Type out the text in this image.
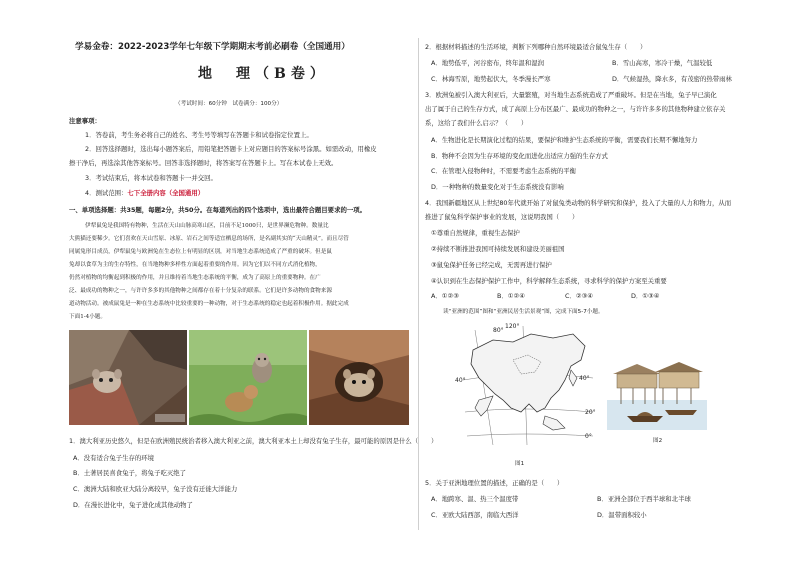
学易金卷：2022-2023学年七年级下学期期末考前必刷卷（全国通用）
地　理（B卷）
（考试时间：60分钟　试卷满分：100分）
注意事项：
1．答卷前，考生务必将自己的姓名、考生号等填写在答题卡和试卷指定位置上。
2．回答选择题时，选出每小题答案后，用铅笔把答题卡上对应题目的答案标号涂黑。如需改动，用橡皮
擦干净后，再选涂其他答案标号。回答非选择题时，将答案写在答题卡上。写在本试卷上无效。
3．考试结束后，将本试卷和答题卡一并交回。
4．测试范围：七下全册内容（全国通用）
一、单项选择题：共35题，每题2分，共50分。在每道列出的四个选项中，选出最符合题目要求的一项。
伊犁鼠兔是我国特有物种，生活在天山山脉高寒山区，目前不足1000只，是世界濒危物种。数量比
大熊猫还要稀少。它们喜欢在天山雪原、冰原、岩石之间等适宜栖息的场所，是名副其实的“天山精灵”。而且尽管
同属兔形目成员，伊犁鼠兔与欧洲兔在生态位上有明显的区别，对当地生态系统造成了严重的破坏。但是鼠
兔却以食草为主的生存特性，在当地物种多样性方面起着重要的作用。因为它们以不同方式消化植物，
仍然对植物的均衡起到积极的作用，并且维持着当地生态系统的平衡，成为了高原上的重要物种。在广
泛、最成功的物种之一，与许许多多的其他物种之间都存在着十分复杂的联系。它们是许多动物的食物来源
道动物活动。被成鼠兔是一种在生态系统中比较重要的一种动物，对于生态系统的稳定也起着积极作用。据此完成
下面1-4小题。
1．澳大利亚历史悠久，但是在欧洲殖民统治者移入澳大利亚之前，澳大利亚本土上却没有兔子生存，最可能的原因是什么（　　）
A．没有适合兔子生存的环境
B．土著居民喜食兔子，将兔子吃灭绝了
C．澳洲大陆和欧亚大陆分离较早，兔子没有迁徙大洋能力
D．在漫长进化中，兔子进化成其他动物了
2．根据材料描述的生活环境，判断下列哪种自然环境最适合鼠兔生存（　　）
A．地势低平，河谷密布，终年温和湿润	B．雪山高寒，寒冷干燥，气温较低
C．林海雪原，地势起伏大，冬季漫长严寒	D．气候湿热，降水多，有茂密的热带雨林
3．欧洲兔被引入澳大利亚后，大量繁殖，对当地生态系统造成了严重破坏。但是在当地，兔子早已演化
出了属于自己的生存方式，成了高原上分布区最广、最成功的物种之一，与许许多多的其他物种建立依存关
系，这给了我们什么启示？（　　）
A．生物进化是长期演化过程的结果，要保护和维护生态系统的平衡，需要我们长期不懈地努力
B．物种不会因为生存环境的变化而进化出适应力强的生存方式
C．在管理入侵物种时，不需要考虑生态系统的平衡
D．一种物种的数量变化对于生态系统没有影响
4．我国新疆地区从上世纪80年代就开始了对鼠兔类动物的科学研究和保护，投入了大量的人力和物力，从而
推进了鼠兔科学保护事业的发展，这说明我国（　　）
①尊重自然规律，重视生态保护
②持续不断推进我国可持续发展和建设美丽祖国
③鼠兔保护任务已经完成，无需再进行保护
④认识到在生态保护保护工作中，科学解释生态系统，寻求科学的保护方案至关重要
A．①②③	B．①②④	C．②③④	D．①③④
读“亚洲的范围”图和“亚洲民居生活景观”图，完成下面5-7小题。
80°
120°
40°	40°
20°
0°
图1
图2
5．关于亚洲地理位置的描述，正确的是（　　）
A．地跨寒、温、热三个温度带	B．亚洲全部位于西半球和北半球
C．亚欧大陆西部，南临大西洋	D．温带面积较小
